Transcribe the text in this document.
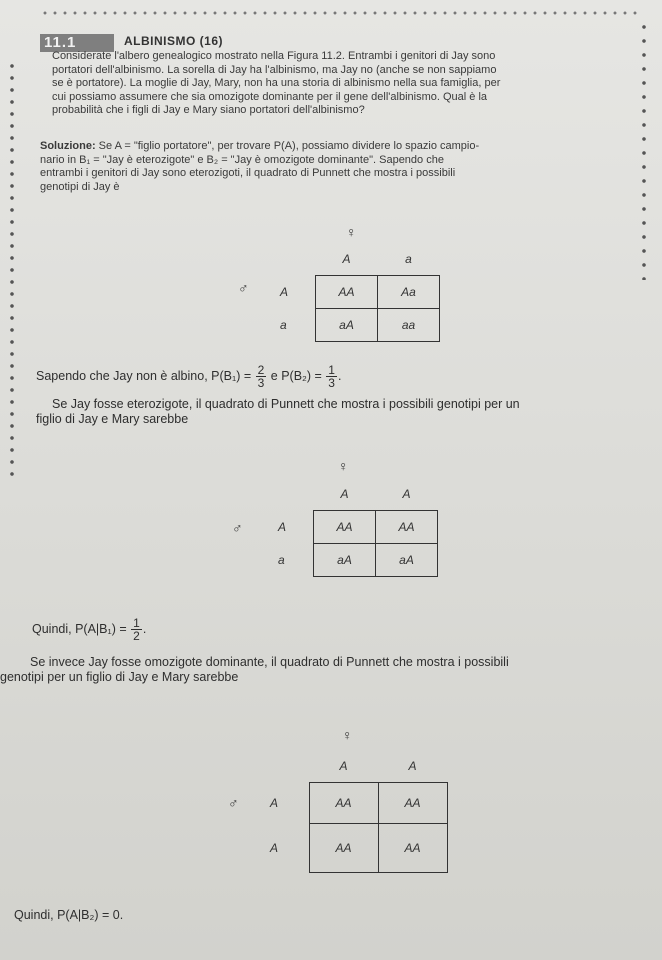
11.1	ALBINISMO (16)
Considerate l'albero genealogico mostrato nella Figura 11.2. Entrambi i genitori di Jay sono
portatori dell'albinismo. La sorella di Jay ha l'albinismo, ma Jay no (anche se non sappiamo
se è portatore). La moglie di Jay, Mary, non ha una storia di albinismo nella sua famiglia, per
cui possiamo assumere che sia omozigote dominante per il gene dell'albinismo. Qual è la
probabilità che i figli di Jay e Mary siano portatori dell'albinismo?
Soluzione: Se A = "figlio portatore", per trovare P(A), possiamo dividere lo spazio campio-
nario in B₁ = "Jay è eterozigote" e B₂ = "Jay è omozigote dominante". Sapendo che
entrambi i genitori di Jay sono eterozigoti, il quadrato di Punnett che mostra i possibili
genotipi di Jay è
♀
♂
	A	a
A	AA	Aa
a	aA	aa
Sapendo che Jay non è albino, $P(B_1) = \frac{2}{3}$ e $P(B_2) = \frac{1}{3}$ .
Se Jay fosse eterozigote, il quadrato di Punnett che mostra i possibili genotipi per un
figlio di Jay e Mary sarebbe
♀
♂
	A	A
A	AA	AA
a	aA	aA
Quindi, $P(A|B_1) = \frac{1}{2}$ .
Se invece Jay fosse omozigote dominante, il quadrato di Punnett che mostra i possibili
genotipi per un figlio di Jay e Mary sarebbe
♀
♂
	A	A
A	AA	AA
A	AA	AA
Quindi, P(A|B₂) = 0.
